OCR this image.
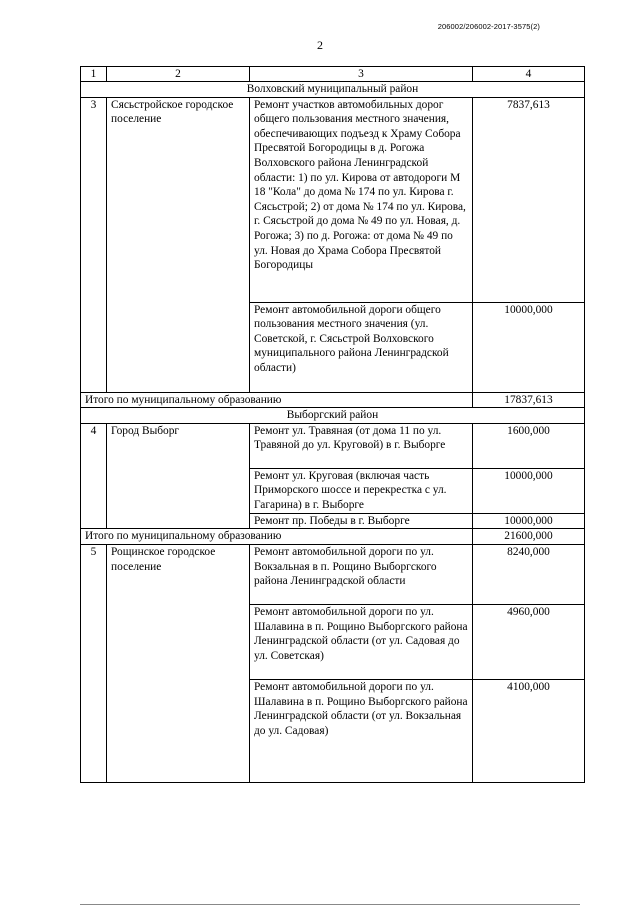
206002/206002-2017-3575(2)
2
1	2	3	4
Волховский муниципальный район			
3	Сясьстройское городское поселение	Ремонт участков автомобильных дорог общего пользования местного значения, обеспечивающих подъезд к Храму Собора Пресвятой Богородицы в д. Рогожа Волховского района Ленинградской области: 1) по ул. Кирова от автодороги М 18 "Кола" до дома № 174 по ул. Кирова г. Сясьстрой; 2) от дома № 174 по ул. Кирова, г. Сясьстрой до дома № 49 по ул. Новая, д. Рогожа; 3) по д. Рогожа: от дома № 49 по ул. Новая до Храма Собора Пресвятой Богородицы	7837,613
		Ремонт автомобильной дороги общего пользования местного значения (ул. Советской, г. Сясьстрой Волховского муниципального района Ленинградской области)	10000,000
Итого по муниципальному образованию			17837,613
Выборгский район			
4	Город Выборг	Ремонт ул. Травяная (от дома 11 по ул. Травяной до ул. Круговой) в г. Выборге	1600,000
		Ремонт ул. Круговая (включая часть Приморского шоссе и перекрестка с ул. Гагарина) в г. Выборге	10000,000
		Ремонт пр. Победы в г. Выборге	10000,000
Итого по муниципальному образованию			21600,000
5	Рощинское городское поселение	Ремонт автомобильной дороги по ул. Вокзальная в п. Рощино Выборгского района Ленинградской области	8240,000
		Ремонт автомобильной дороги по ул. Шалавина в п. Рощино Выборгского района Ленинградской области (от ул. Садовая до ул. Советская)	4960,000
		Ремонт автомобильной дороги по ул. Шалавина в п. Рощино Выборгского района Ленинградской области (от ул. Вокзальная до ул. Садовая)	4100,000
